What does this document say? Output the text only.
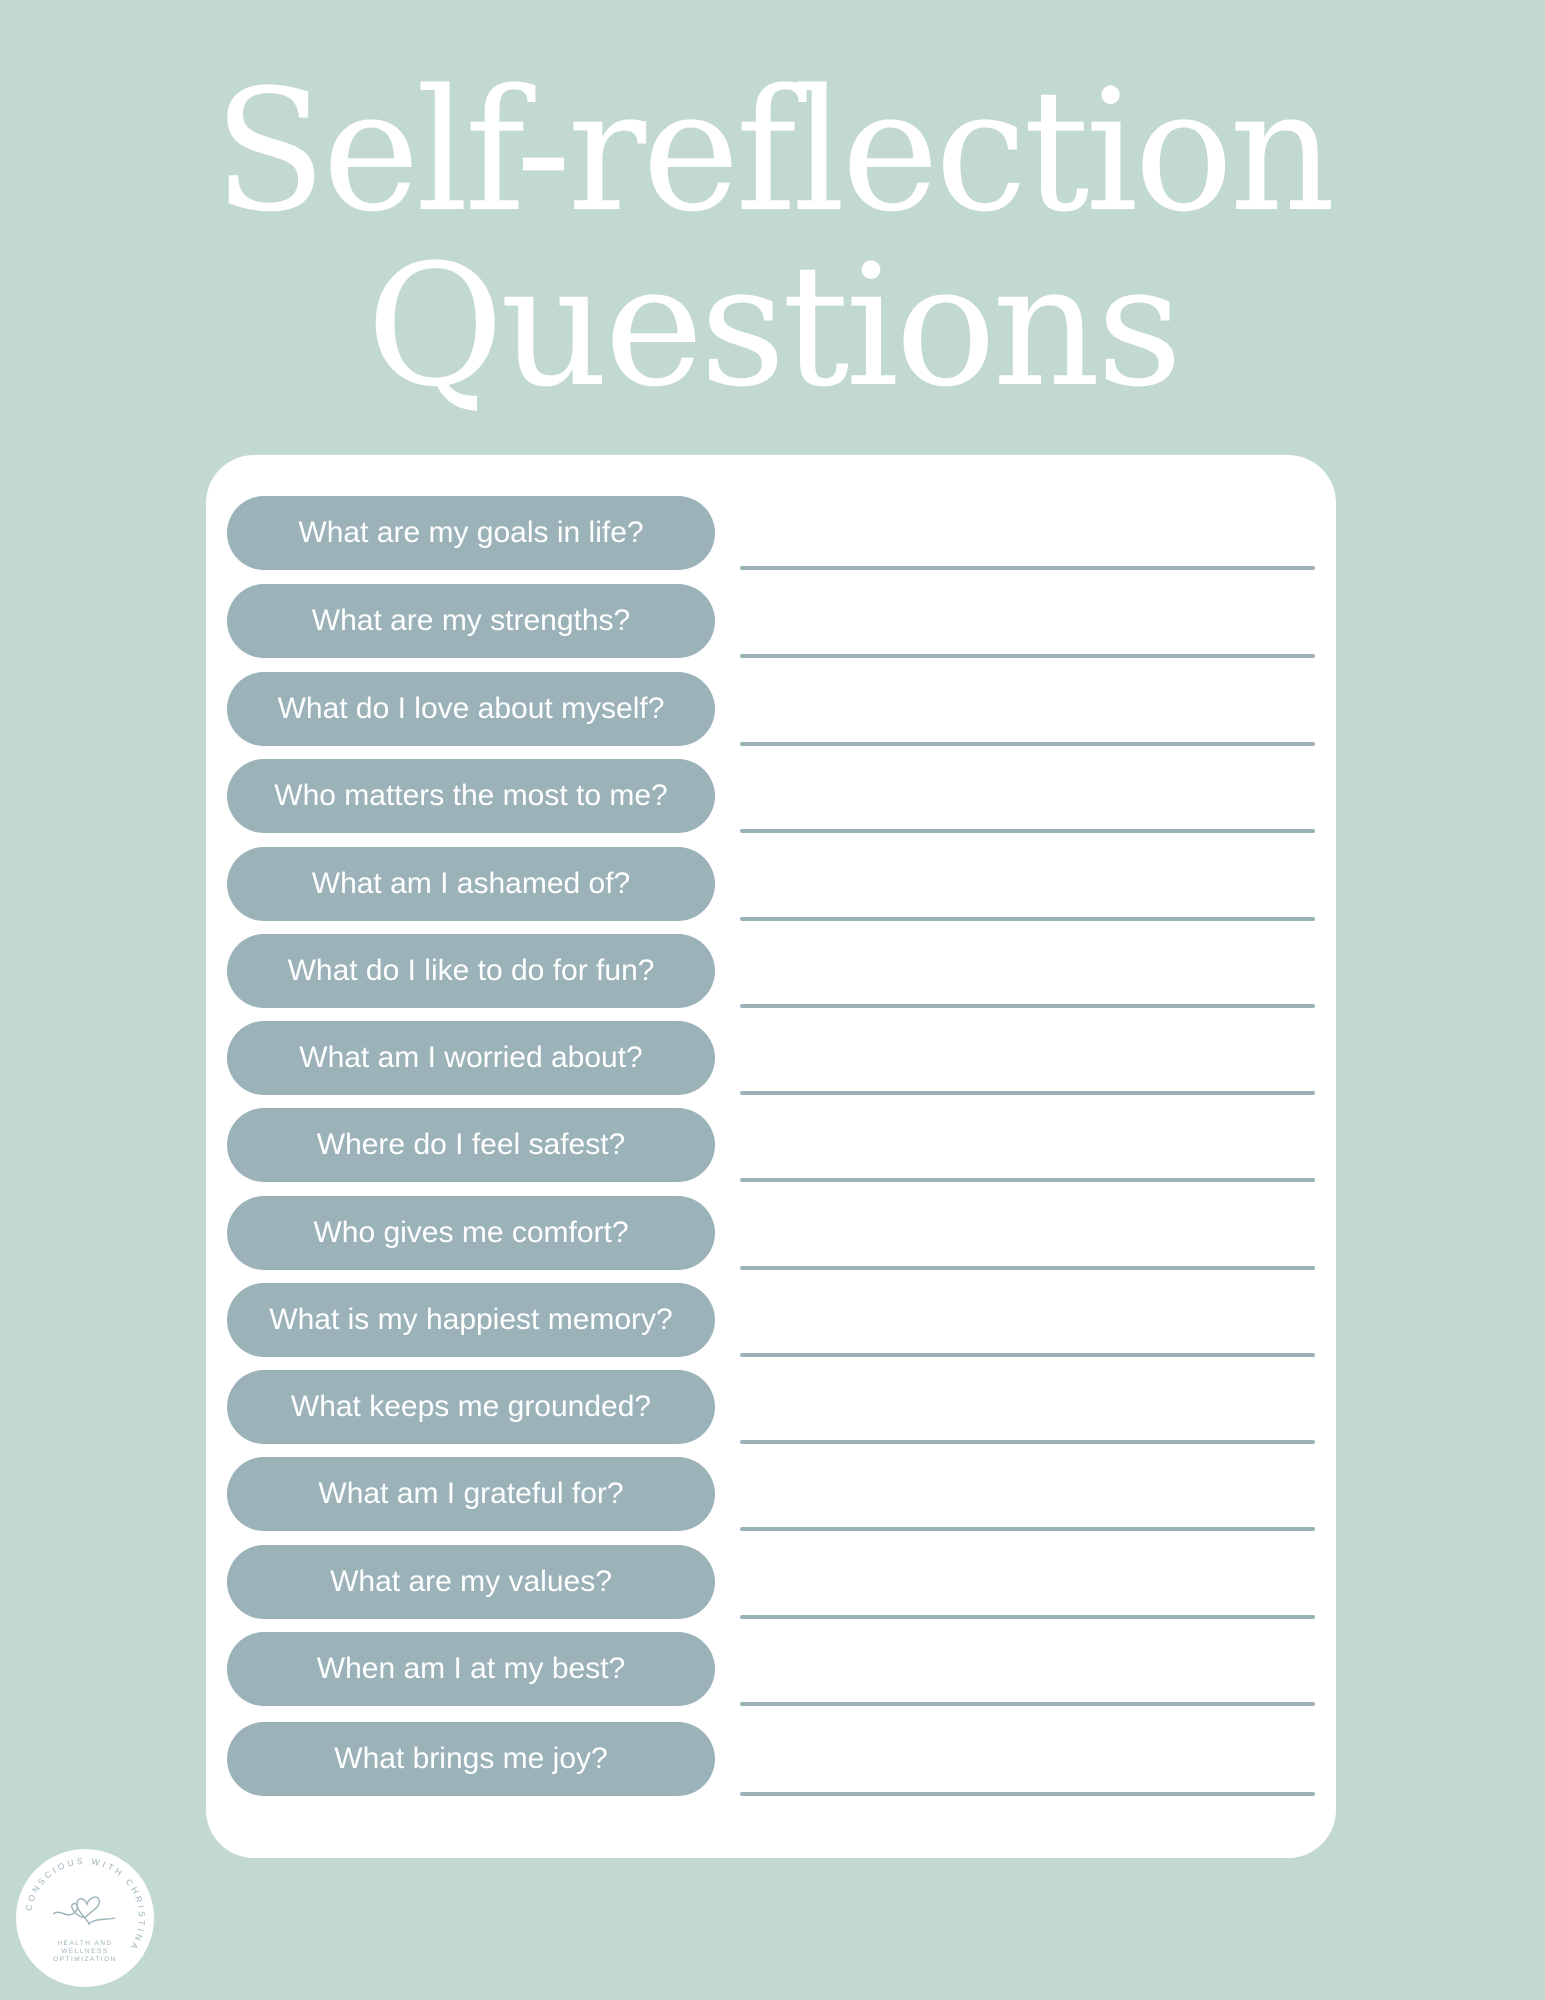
Self-reflection
Questions
What are my goals in life?
What are my strengths?
What do I love about myself?
Who matters the most to me?
What am I ashamed of?
What do I like to do for fun?
What am I worried about?
Where do I feel safest?
Who gives me comfort?
What is my happiest memory?
What keeps me grounded?
What am I grateful for?
What are my values?
When am I at my best?
What brings me joy?
CONSCIOUS WITH CHRISTINA
HEALTH AND
WELLNESS
OPTIMIZATION
